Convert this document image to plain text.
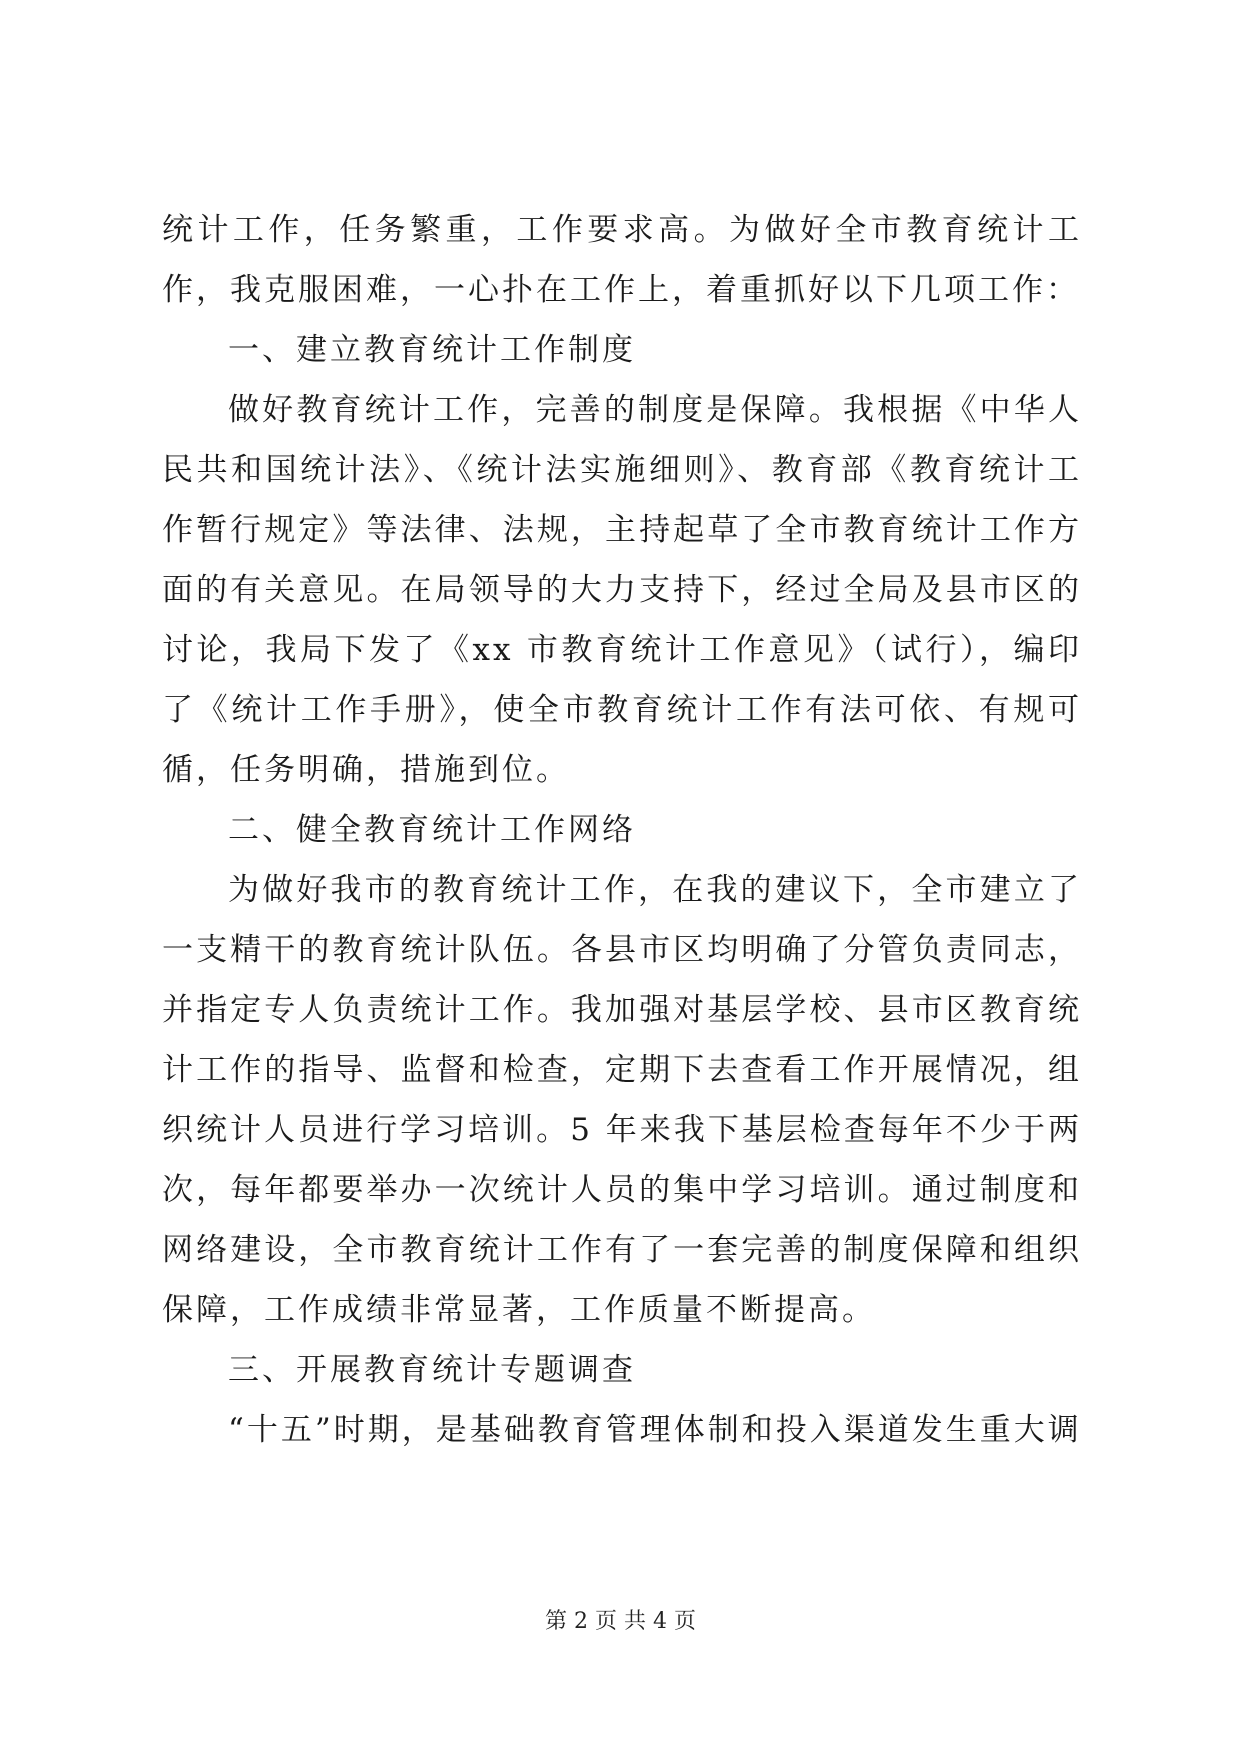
统计工作，任务繁重，工作要求高。为做好全市教育统计工作，我克服困难，一心扑在工作上，着重抓好以下几项工作：

一、建立教育统计工作制度

做好教育统计工作，完善的制度是保障。我根据《中华人民共和国统计法》、《统计法实施细则》、教育部《教育统计工作暂行规定》等法律、法规，主持起草了全市教育统计工作方面的有关意见。在局领导的大力支持下，经过全局及县市区的讨论，我局下发了《xx 市教育统计工作意见》（试行），编印了《统计工作手册》，使全市教育统计工作有法可依、有规可循，任务明确，措施到位。

二、健全教育统计工作网络

为做好我市的教育统计工作，在我的建议下，全市建立了一支精干的教育统计队伍。各县市区均明确了分管负责同志，并指定专人负责统计工作。我加强对基层学校、县市区教育统计工作的指导、监督和检查，定期下去查看工作开展情况，组织统计人员进行学习培训。5 年来我下基层检查每年不少于两次，每年都要举办一次统计人员的集中学习培训。通过制度和网络建设，全市教育统计工作有了一套完善的制度保障和组织保障，工作成绩非常显著，工作质量不断提高。

三、开展教育统计专题调查

“十五”时期，是基础教育管理体制和投入渠道发生重大调

第 2 页 共 4 页
